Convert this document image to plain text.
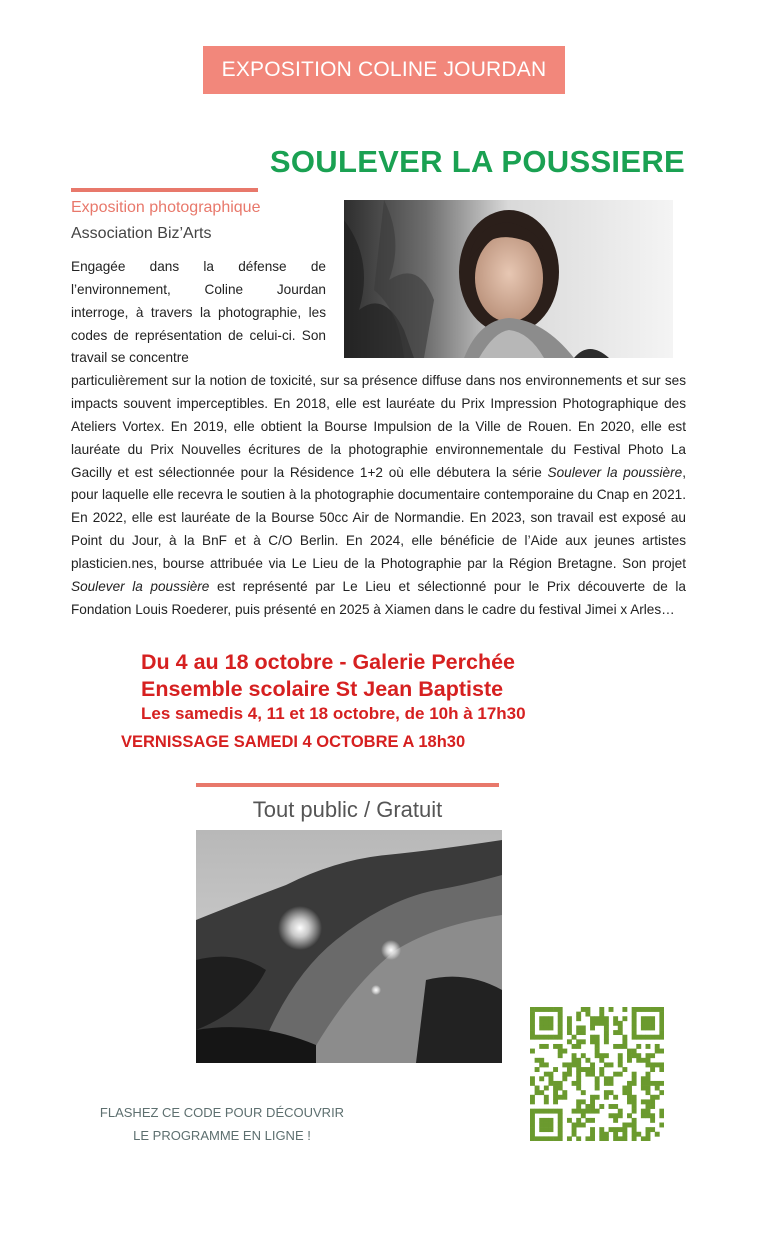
EXPOSITION COLINE JOURDAN
SOULEVER LA POUSSIERE
Exposition photographique
Association Biz’Arts
Engagée dans la défense de l’environnement, Coline Jourdan interroge, à travers la photographie, les codes de représentation de celui-ci. Son travail se concentre
particulièrement sur la notion de toxicité, sur sa présence diffuse dans nos environnements et sur ses impacts souvent imperceptibles. En 2018, elle est lauréate du Prix Impression Photographique des Ateliers Vortex. En 2019, elle obtient la Bourse Impulsion de la Ville de Rouen. En 2020, elle est lauréate du Prix Nouvelles écritures de la photographie environnementale du Festival Photo La Gacilly et est sélectionnée pour la Résidence 1+2 où elle débutera la série Soulever la poussière, pour laquelle elle recevra le soutien à la photographie documentaire contemporaine du Cnap en 2021. En 2022, elle est lauréate de la Bourse 50cc Air de Normandie. En 2023, son travail est exposé au Point du Jour, à la BnF et à C/O Berlin. En 2024, elle bénéficie de l’Aide aux jeunes artistes plasticien.nes, bourse attribuée via Le Lieu de la Photographie par la Région Bretagne. Son projet Soulever la poussière est représenté par Le Lieu et sélectionné pour le Prix découverte de la Fondation Louis Roederer, puis présenté en 2025 à Xiamen dans le cadre du festival Jimei x Arles…
Du 4 au 18 octobre - Galerie Perchée
Ensemble scolaire St Jean Baptiste
Les samedis 4, 11 et 18 octobre, de 10h à 17h30
VERNISSAGE SAMEDI 4 OCTOBRE A 18h30
Tout public / Gratuit
FLASHEZ CE CODE POUR DÉCOUVRIR
LE PROGRAMME EN LIGNE !
